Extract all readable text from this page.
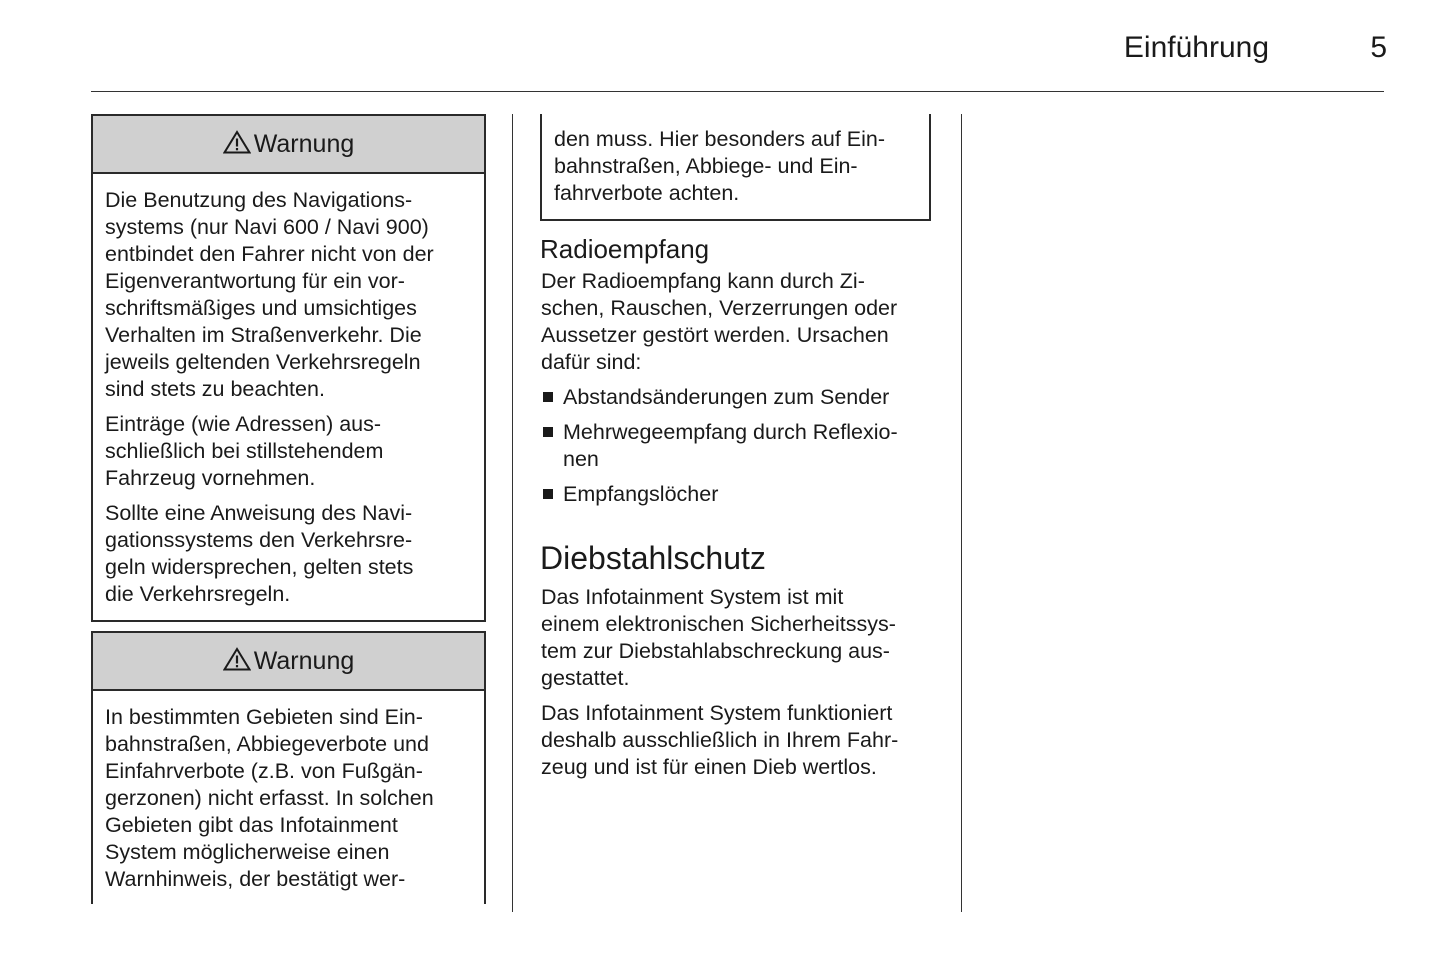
Einführung	5
Warnung

Die Benutzung des Navigations-
systems (nur Navi 600 / Navi 900)
entbindet den Fahrer nicht von der
Eigenverantwortung für ein vor-
schriftsmäßiges und umsichtiges
Verhalten im Straßenverkehr. Die
jeweils geltenden Verkehrsregeln
sind stets zu beachten.

Einträge (wie Adressen) aus-
schließlich bei stillstehendem
Fahrzeug vornehmen.

Sollte eine Anweisung des Navi-
gationssystems den Verkehrsre-
geln widersprechen, gelten stets
die Verkehrsregeln.

Warnung

In bestimmten Gebieten sind Ein-
bahnstraßen, Abbiegeverbote und
Einfahrverbote (z.B. von Fußgän-
gerzonen) nicht erfasst. In solchen
Gebieten gibt das Infotainment
System möglicherweise einen
Warnhinweis, der bestätigt wer-

den muss. Hier besonders auf Ein-
bahnstraßen, Abbiege- und Ein-
fahrverbote achten.
Radioempfang
Der Radioempfang kann durch Zi-
schen, Rauschen, Verzerrungen oder
Aussetzer gestört werden. Ursachen
dafür sind:
Abstandsänderungen zum Sender
Mehrwegeempfang durch Reflexio-
nen
Empfangslöcher
Diebstahlschutz
Das Infotainment System ist mit
einem elektronischen Sicherheitssys-
tem zur Diebstahlabschreckung aus-
gestattet.
Das Infotainment System funktioniert
deshalb ausschließlich in Ihrem Fahr-
zeug und ist für einen Dieb wertlos.
